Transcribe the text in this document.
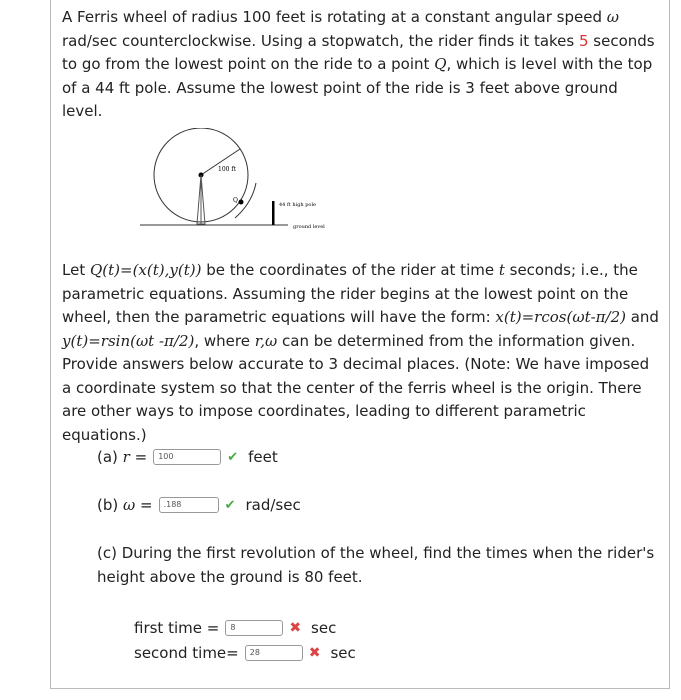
A Ferris wheel of radius 100 feet is rotating at a constant angular speed ω rad/sec counterclockwise. Using a stopwatch, the rider finds it takes 5 seconds to go from the lowest point on the ride to a point Q, which is level with the top of a 44 ft pole. Assume the lowest point of the ride is 3 feet above ground level.
100 ft
Q
44 ft high pole
ground level
Let Q(t)=(x(t),y(t)) be the coordinates of the rider at time t seconds; i.e., the parametric equations. Assuming the rider begins at the lowest point on the wheel, then the parametric equations will have the form: x(t)=rcos(ωt-π/2) and y(t)=rsin(ωt -π/2), where r,ω can be determined from the information given. Provide answers below accurate to 3 decimal places. (Note: We have imposed a coordinate system so that the center of the ferris wheel is the origin. There are other ways to impose coordinates, leading to different parametric equations.)
(a) r =	100	✔ feet
(b) ω =	.188	✔ rad/sec
(c) During the first revolution of the wheel, find the times when the rider's height above the ground is 80 feet.
first time =	8	✖ sec
second time=	28	✖ sec
